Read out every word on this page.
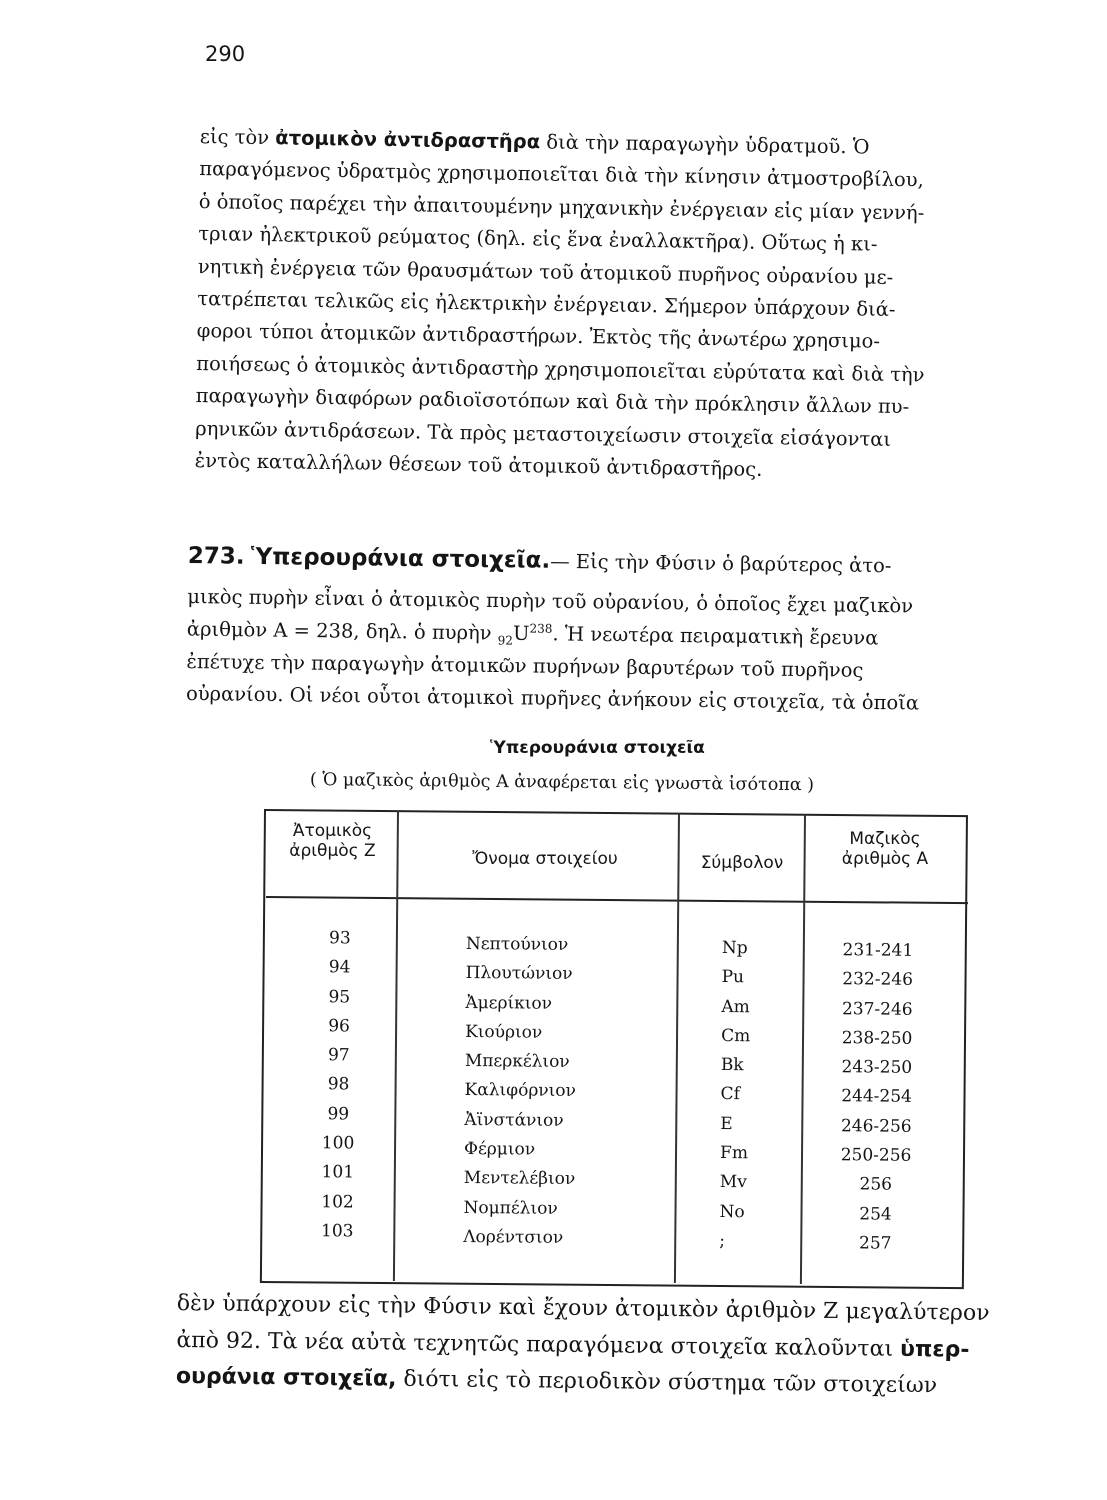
290
εἰς τὸν ἀτομικὸν ἀντιδραστῆρα διὰ τὴν παραγωγὴν ὑδρατμοῦ. Ὁ
παραγόμενος ὑδρατμὸς χρησιμοποιεῖται διὰ τὴν κίνησιν ἀτμοστροβίλου,
ὁ ὁποῖος παρέχει τὴν ἀπαιτουμένην μηχανικὴν ἐνέργειαν εἰς μίαν γεννή-
τριαν ἠλεκτρικοῦ ρεύματος (δηλ. εἰς ἕνα ἐναλλακτῆρα). Οὕτως ἡ κι-
νητικὴ ἐνέργεια τῶν θραυσμάτων τοῦ ἀτομικοῦ πυρῆνος οὐρανίου με-
τατρέπεται τελικῶς εἰς ἠλεκτρικὴν ἐνέργειαν. Σήμερον ὑπάρχουν διά-
φοροι τύποι ἀτομικῶν ἀντιδραστήρων. Ἐκτὸς τῆς ἀνωτέρω χρησιμο-
ποιήσεως ὁ ἀτομικὸς ἀντιδραστὴρ χρησιμοποιεῖται εὐρύτατα καὶ διὰ τὴν
παραγωγὴν διαφόρων ραδιοϊσοτόπων καὶ διὰ τὴν πρόκλησιν ἄλλων πυ-
ρηνικῶν ἀντιδράσεων. Τὰ πρὸς μεταστοιχείωσιν στοιχεῖα εἰσάγονται
ἐντὸς καταλλήλων θέσεων τοῦ ἀτομικοῦ ἀντιδραστῆρος.
273. Ὑπερουράνια στοιχεῖα.— Εἰς τὴν Φύσιν ὁ βαρύτερος ἀτο-
μικὸς πυρὴν εἶναι ὁ ἀτομικὸς πυρὴν τοῦ οὐρανίου, ὁ ὁποῖος ἔχει μαζικὸν
ἀριθμὸν Α = 238, δηλ. ὁ πυρὴν $_{92}U^{238}$. Ἡ νεωτέρα πειραματικὴ ἔρευνα
ἐπέτυχε τὴν παραγωγὴν ἀτομικῶν πυρήνων βαρυτέρων τοῦ πυρῆνος
οὐρανίου. Οἱ νέοι οὗτοι ἀτομικοὶ πυρῆνες ἀνήκουν εἰς στοιχεῖα, τὰ ὁποῖα
Ὑπερουράνια στοιχεῖα
( Ὁ μαζικὸς ἀριθμὸς Α ἀναφέρεται εἰς γνωστὰ ἰσότοπα )
Ἀτομικὸς ἀριθμὸς Ζ	Ὄνομα στοιχείου	Σύμβολον
Μαζικὸς ἀριθμὸς Α
93
94
95
96
97
98
99
100
101
102
103
Νεπτούνιον
Πλουτώνιον
Ἀμερίκιον
Κιούριον
Μπερκέλιον
Καλιφόρνιον
Ἀϊνστάνιον
Φέρμιον
Μεντελέβιον
Νομπέλιον
Λορέντσιον
Np
Pu
Am
Cm
Bk
Cf
E
Fm
Mv
No
;
231-241
232-246
237-246
238-250
243-250
244-254
246-256
250-256
256
254
257
δὲν ὑπάρχουν εἰς τὴν Φύσιν καὶ ἔχουν ἀτομικὸν ἀριθμὸν Ζ μεγαλύτερον
ἀπὸ 92. Τὰ νέα αὐτὰ τεχνητῶς παραγόμενα στοιχεῖα καλοῦνται ὑπερ-
ουράνια στοιχεῖα, διότι εἰς τὸ περιοδικὸν σύστημα τῶν στοιχείων
